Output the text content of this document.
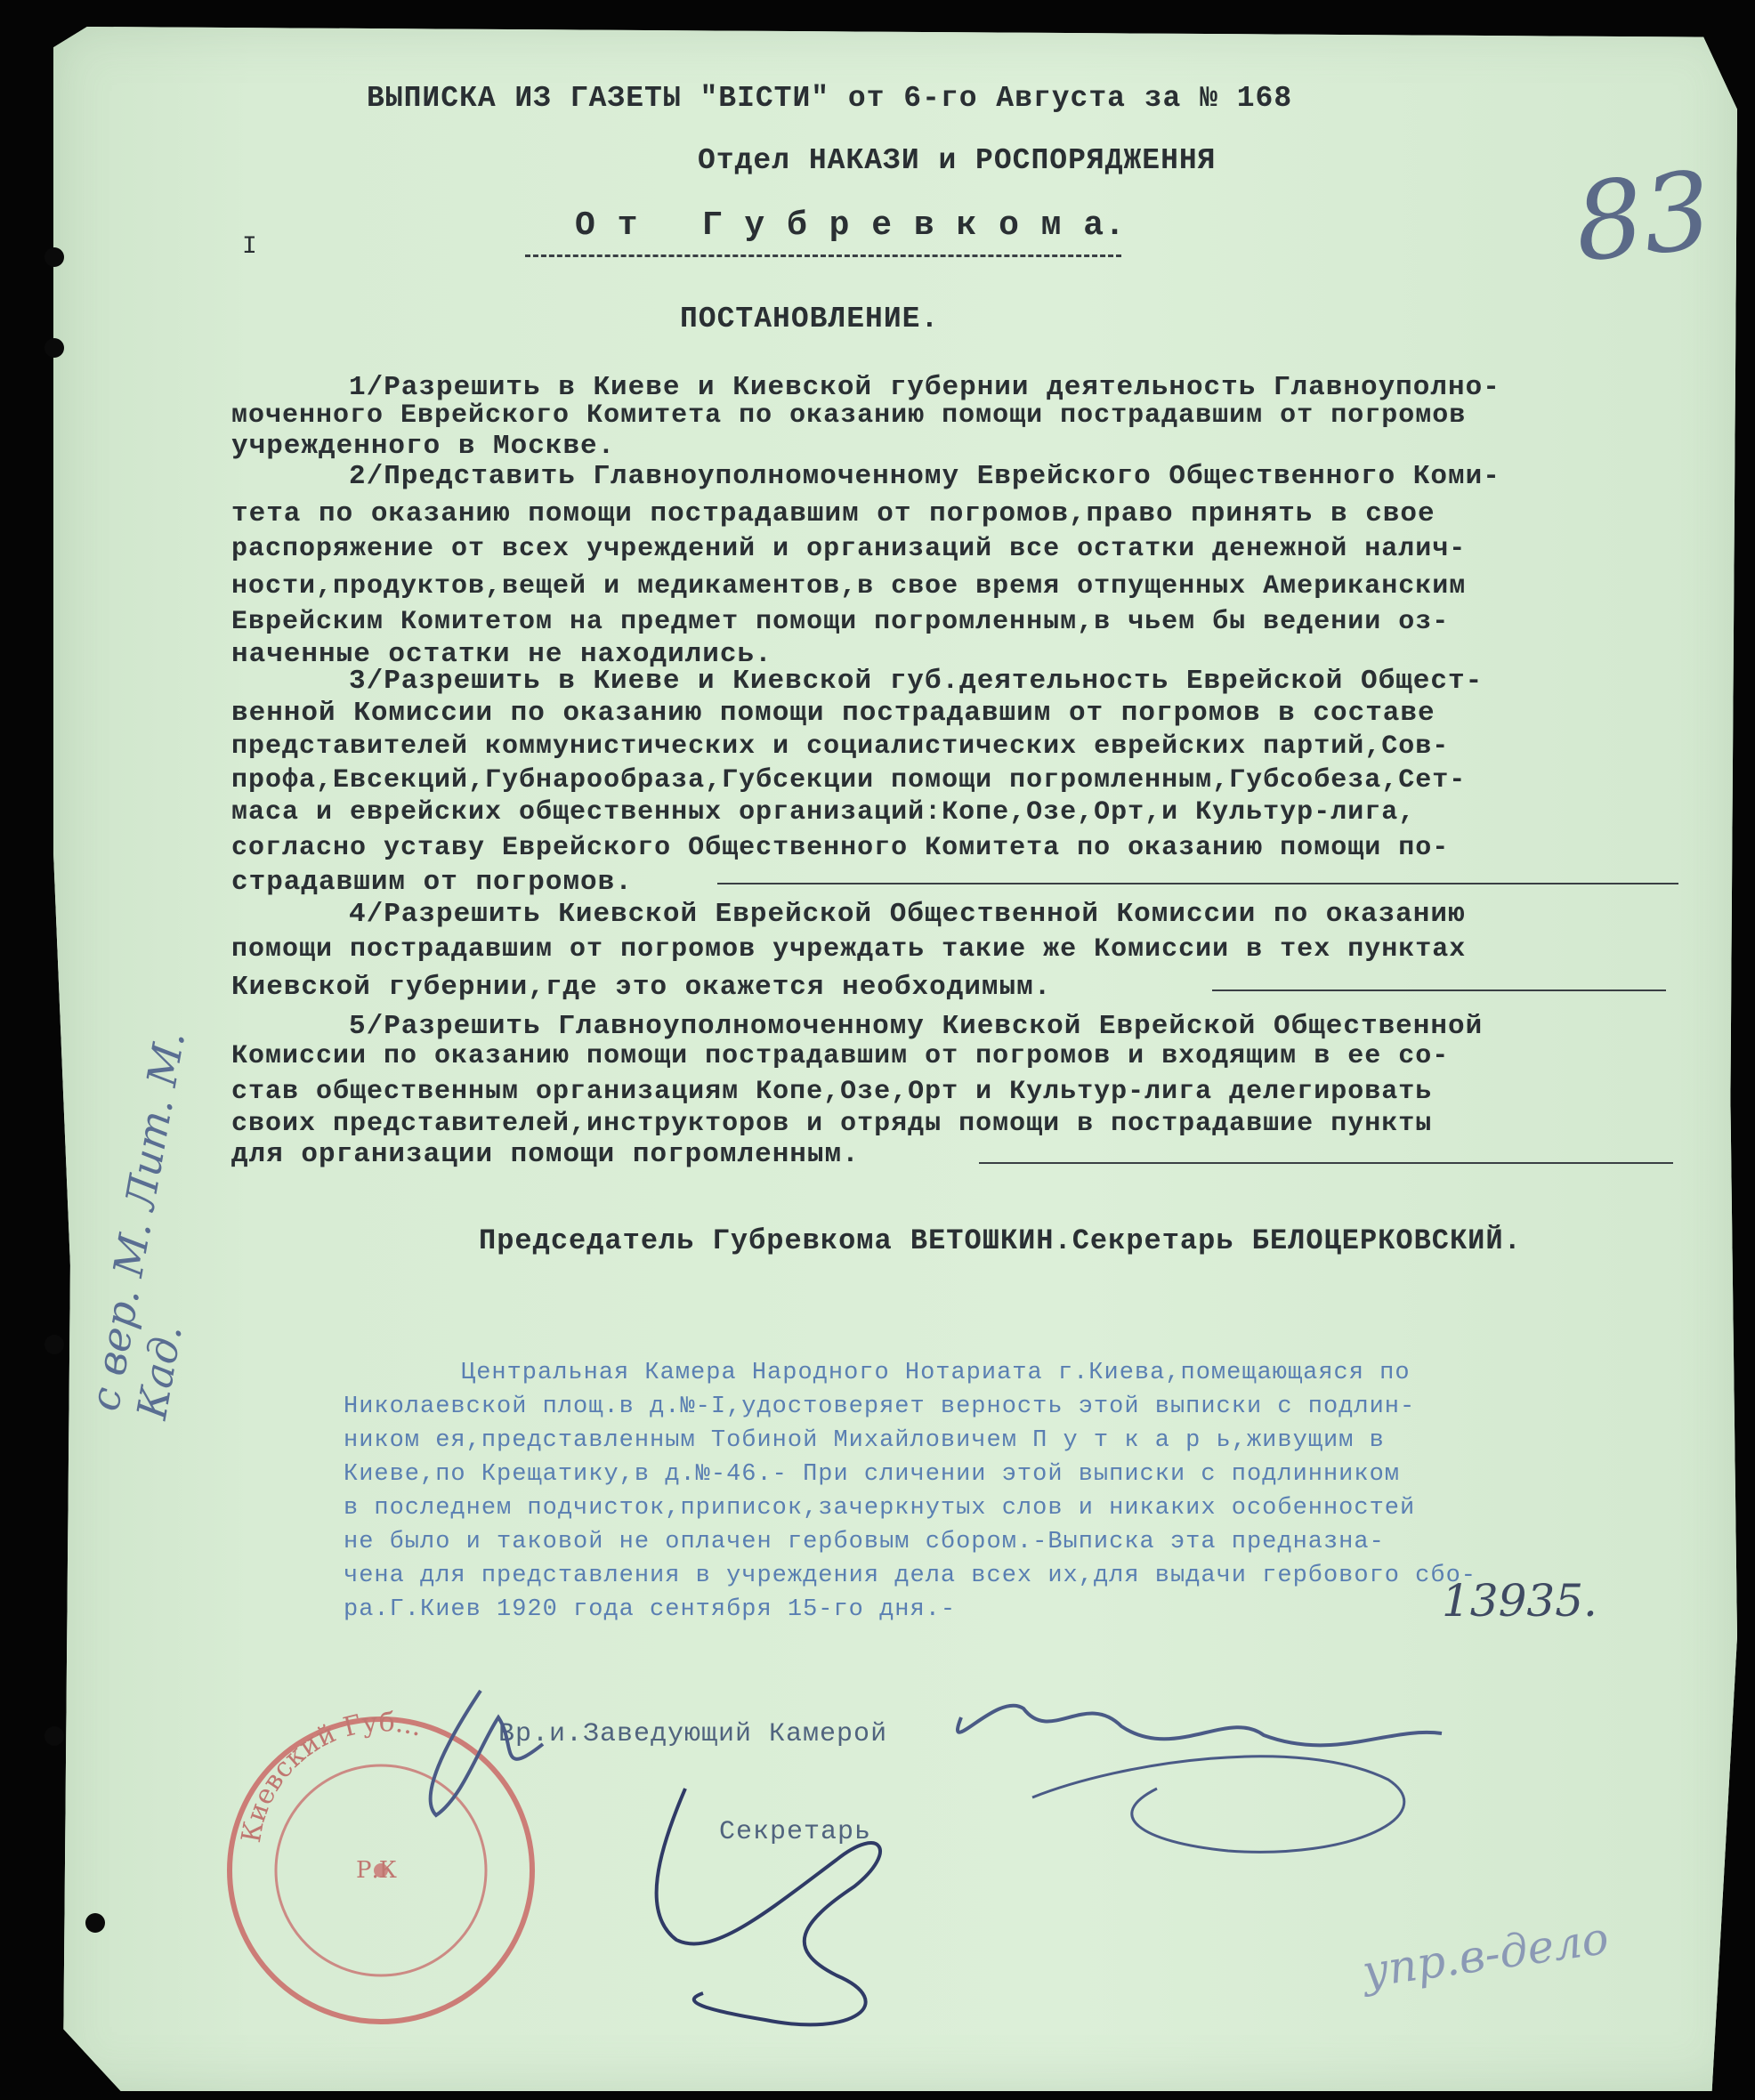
83
I
ВЫПИСКА ИЗ ГАЗЕТЫ "ВІСТИ" от 6-го Августа за № 168
Отдел НАКАЗИ и РОСПОРЯДЖЕННЯ
О т   Г у б р е в к о м а.
ПОСТАНОВЛЕНИЕ.
1/Разрешить в Киеве и Киевской губернии деятельность Главноуполно-
моченного Еврейского Комитета по оказанию помощи пострадавшим от погромов
учрежденного в Москве.
2/Представить Главноуполномоченному Еврейского Общественного Коми-
тета по оказанию помощи пострадавшим от погромов,право принять в свое
распоряжение от всех учреждений и организаций все остатки денежной налич-
ности,продуктов,вещей и медикаментов,в свое время отпущенных Американским
Еврейским Комитетом на предмет помощи погромленным,в чьем бы ведении оз-
наченные остатки не находились.
3/Разрешить в Киеве и Киевской губ.деятельность Еврейской Общест-
венной Комиссии по оказанию помощи пострадавшим от погромов в составе
представителей коммунистических и социалистических еврейских партий,Сов-
профа,Евсекций,Губнарообраза,Губсекции помощи погромленным,Губсобеза,Сет-
маса и еврейских общественных организаций:Копе,Озе,Орт,и Культур-лига,
согласно уставу Еврейского Общественного Комитета по оказанию помощи по-
страдавшим от погромов.
4/Разрешить Киевской Еврейской Общественной Комиссии по оказанию
помощи пострадавшим от погромов учреждать такие же Комиссии в тех пунктах
Киевской губернии,где это окажется необходимым.
5/Разрешить Главноуполномоченному Киевской Еврейской Общественной
Комиссии по оказанию помощи пострадавшим от погромов и входящим в ее со-
став общественным организациям Копе,Озе,Орт и Культур-лига делегировать
своих представителей,инструкторов и отряды помощи в пострадавшие пункты
для организации помощи погромленным.
Председатель Губревкома ВЕТОШКИН.Секретарь БЕЛОЦЕРКОВСКИЙ.
Центральная Камера Народного Нотариата г.Киева,помещающаяся по
Николаевской площ.в д.№-I,удостоверяет верность этой выписки с подлин-
ником ея,представленным Тобиной Михайловичем П у т к а р ь,живущим в
Киеве,по Крещатику,в д.№-46.- При сличении этой выписки с подлинником
в последнем подчисток,приписок,зачеркнутых слов и никаких особенностей
не было и таковой не оплачен гербовым сбором.-Выписка эта предназна-
чена для представления в учреждения дела всех их,для выдачи гербового сбо-
ра.Г.Киев 1920 года сентября 15-го дня.-	13935.
Вр.и.Заведующий Камерой
Секретарь
с вер. М. Лит. М. Кад.
упр.в-дело
Киевский Губ...
Р.К
